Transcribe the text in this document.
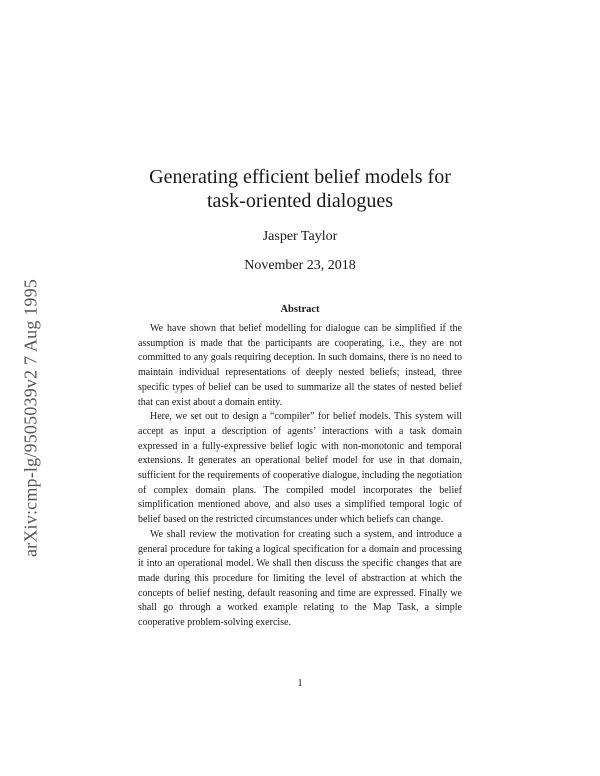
arXiv:cmp-lg/9505039v2 7 Aug 1995
Generating efficient belief models for task-oriented dialogues
Jasper Taylor
November 23, 2018
Abstract

We have shown that belief modelling for dialogue can be simplified if the assumption is made that the participants are cooperating, i.e., they are not committed to any goals requiring deception. In such domains, there is no need to maintain individual representations of deeply nested beliefs; instead, three specific types of belief can be used to summarize all the states of nested belief that can exist about a domain entity.

Here, we set out to design a “compiler” for belief models. This system will accept as input a description of agents’ interactions with a task domain expressed in a fully-expressive belief logic with non-monotonic and temporal extensions. It generates an operational belief model for use in that domain, sufficient for the requirements of cooperative dialogue, including the negotiation of complex domain plans. The compiled model incorporates the belief simplification mentioned above, and also uses a simplified temporal logic of belief based on the restricted circumstances under which beliefs can change.

We shall review the motivation for creating such a system, and introduce a general procedure for taking a logical specification for a domain and processing it into an operational model. We shall then discuss the specific changes that are made during this procedure for limiting the level of abstraction at which the concepts of belief nesting, default reasoning and time are expressed. Finally we shall go through a worked example relating to the Map Task, a simple cooperative problem-solving exercise.

1
